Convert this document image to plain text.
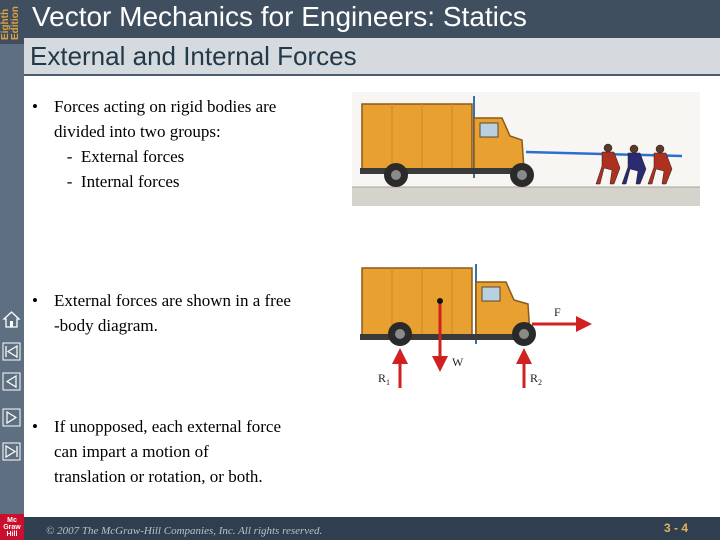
Eighth
Edition Vector Mechanics for Engineers: Statics
External and Internal Forces
• Forces acting on rigid bodies are
divided into two groups:
-  External forces
-  Internal forces
• External forces are shown in a free
-body diagram.
• If unopposed, each external force
can impart a motion of
translation or rotation, or both.
F
W
$R_1$	$R_2$
© 2007 The McGraw-Hill Companies, Inc. All rights reserved.	3 - 4
Mc
Graw
Hill
